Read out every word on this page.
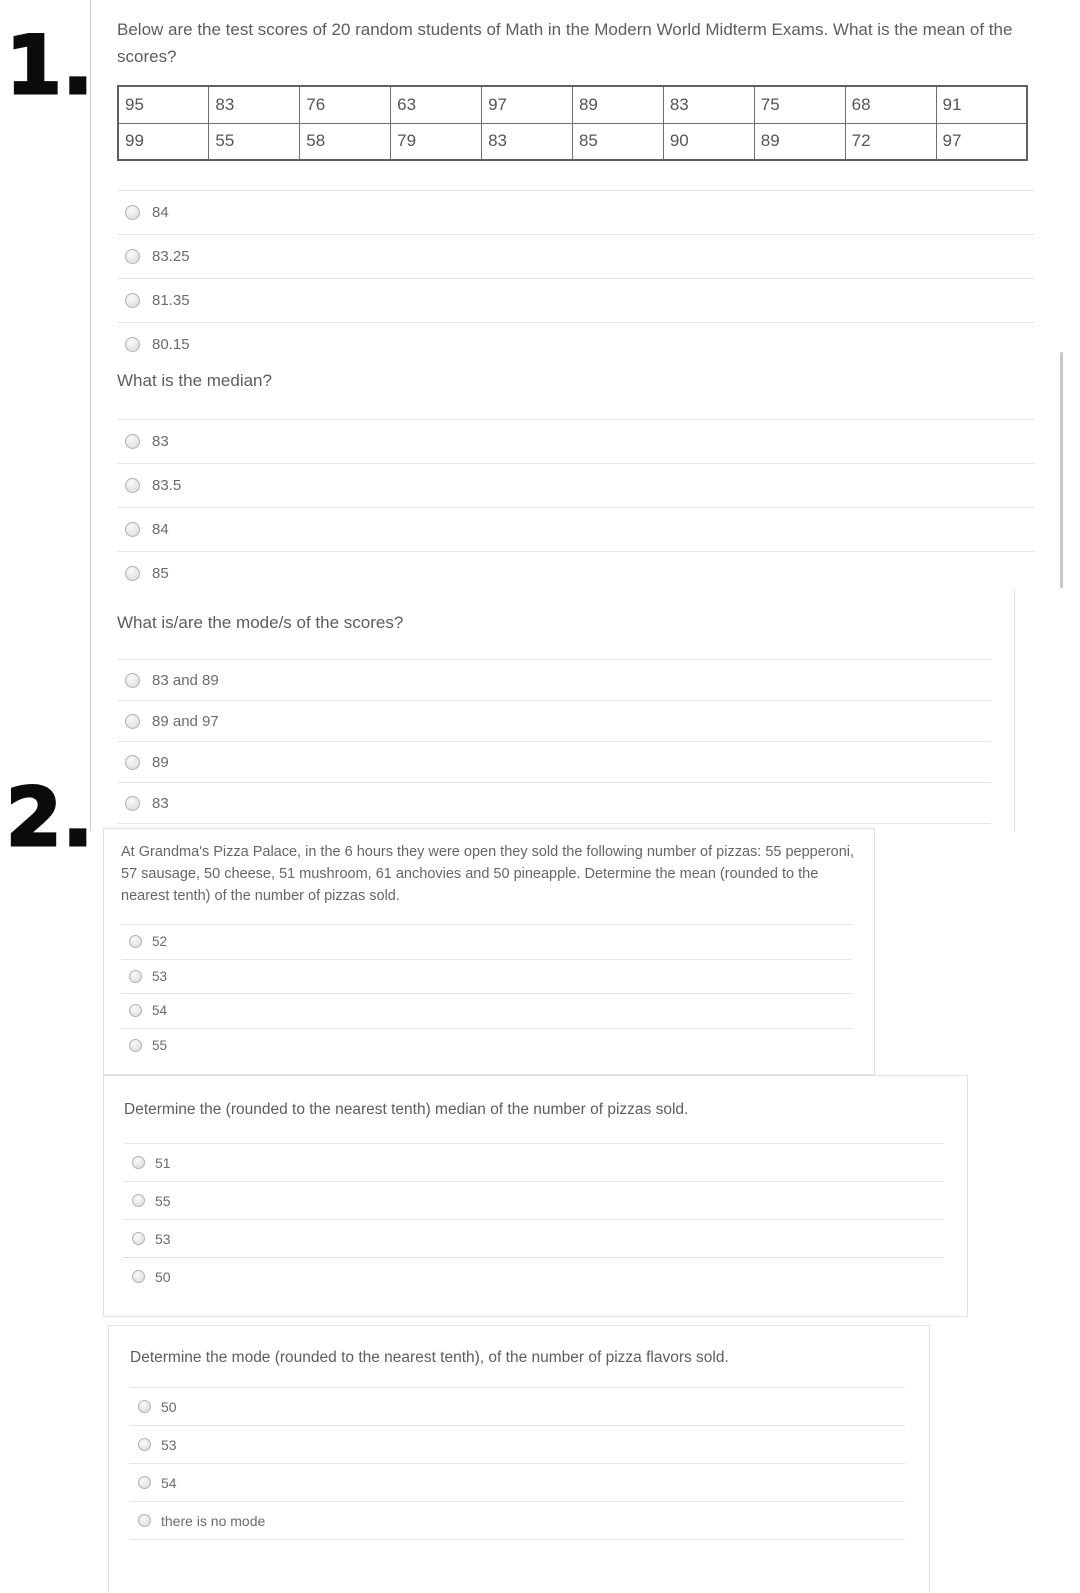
1.
2.
Below are the test scores of 20 random students of Math in the Modern World Midterm Exams. What is the mean of the scores?
95	83	76	63	97	89	83	75	68	91
99	55	58	79	83	85	90	89	72	97
84
83.25
81.35
80.15
What is the median?
83
83.5
84
85
What is/are the mode/s of the scores?
83 and 89
89 and 97
89
83
At Grandma's Pizza Palace, in the 6 hours they were open they sold the following number of pizzas: 55 pepperoni, 57 sausage, 50 cheese, 51 mushroom, 61 anchovies and 50 pineapple. Determine the mean (rounded to the nearest tenth) of the number of pizzas sold.
52
53
54
55
Determine the (rounded to the nearest tenth) median of the number of pizzas sold.
51
55
53
50
Determine the mode (rounded to the nearest tenth), of the number of pizza flavors sold.
50
53
54
there is no mode
